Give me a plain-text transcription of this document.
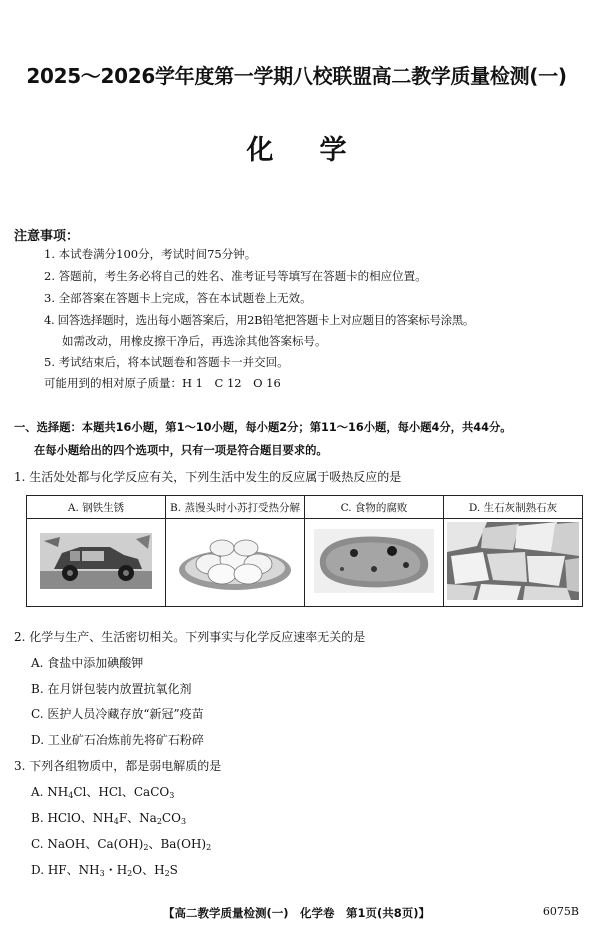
2025～2026学年度第一学期八校联盟高二教学质量检测(一)
化学
注意事项：
1. 本试卷满分100分，考试时间75分钟。
2. 答题前，考生务必将自己的姓名、准考证号等填写在答题卡的相应位置。
3. 全部答案在答题卡上完成，答在本试题卷上无效。
4. 回答选择题时，选出每小题答案后，用2B铅笔把答题卡上对应题目的答案标号涂黑。
如需改动，用橡皮擦干净后，再选涂其他答案标号。
5. 考试结束后，将本试题卷和答题卡一并交回。
可能用到的相对原子质量：H 1　C 12　O 16
一、选择题：本题共16小题，第1～10小题，每小题2分；第11～16小题，每小题4分，共44分。
在每小题给出的四个选项中，只有一项是符合题目要求的。
1. 生活处处都与化学反应有关，下列生活中发生的反应属于吸热反应的是
A. 钢铁生锈	B. 蒸馒头时小苏打受热分解	C. 食物的腐败	D. 生石灰制熟石灰

2. 化学与生产、生活密切相关。下列事实与化学反应速率无关的是
A. 食盐中添加碘酸钾
B. 在月饼包装内放置抗氧化剂
C. 医护人员冷藏存放“新冠”疫苗
D. 工业矿石冶炼前先将矿石粉碎
3. 下列各组物质中，都是弱电解质的是
A. $NH_4Cl$、HCl、CaCO$_3$
B. HClO、$NH_4F$、$Na_2CO_3$
C. NaOH、$Ca(OH)_2$、$Ba(OH)_2$
D. HF、$NH_3$・$H_2O$、$H_2S$
【高二教学质量检测(一)　化学卷　第1页(共8页)】	6075B
